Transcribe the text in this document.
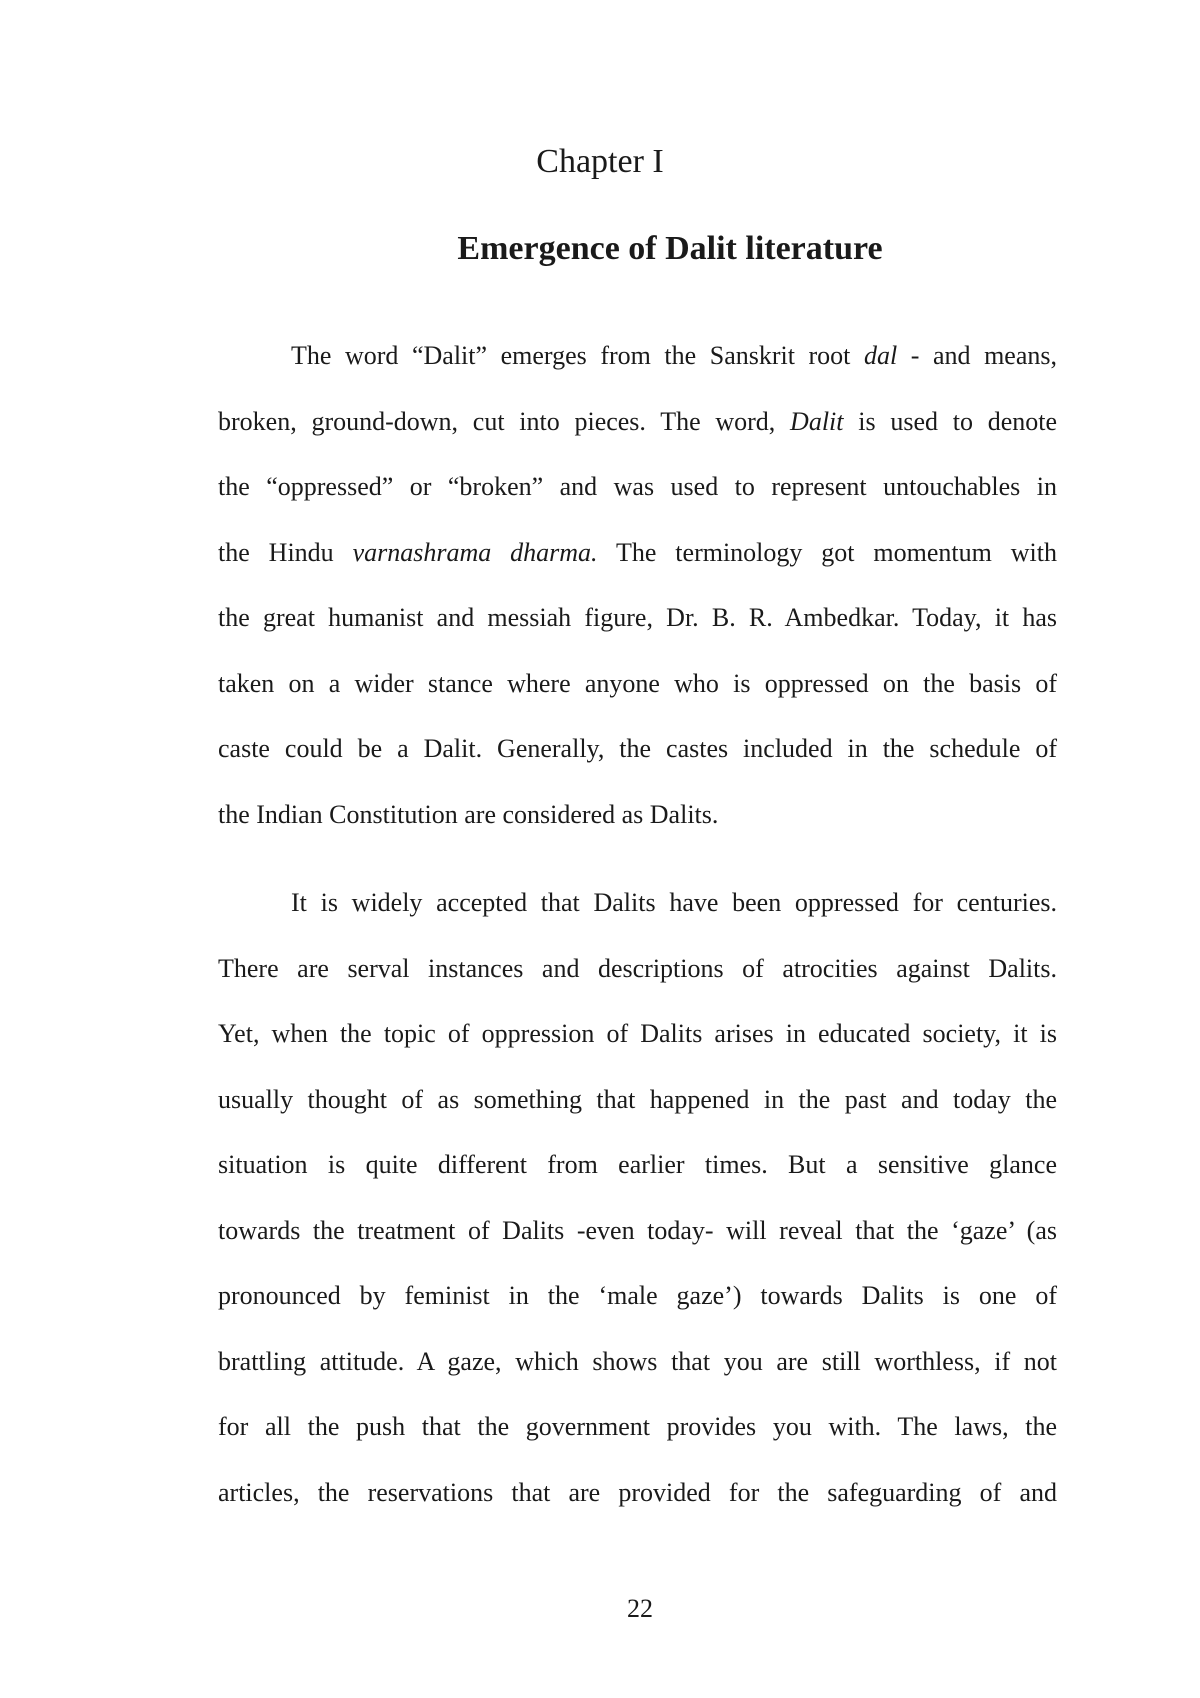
Chapter I
Emergence of Dalit literature
The word “Dalit” emerges from the Sanskrit root dal - and means,
broken, ground-down, cut into pieces. The word, Dalit is used to denote
the “oppressed” or “broken” and was used to represent untouchables in
the Hindu varnashrama dharma. The terminology got momentum with
the great humanist and messiah figure, Dr. B. R. Ambedkar. Today, it has
taken on a wider stance where anyone who is oppressed on the basis of
caste could be a Dalit. Generally, the castes included in the schedule of
the Indian Constitution are considered as Dalits.
It is widely accepted that Dalits have been oppressed for centuries.
There are serval instances and descriptions of atrocities against Dalits.
Yet, when the topic of oppression of Dalits arises in educated society, it is
usually thought of as something that happened in the past and today the
situation is quite different from earlier times. But a sensitive glance
towards the treatment of Dalits -even today- will reveal that the ‘gaze’ (as
pronounced by feminist in the ‘male gaze’) towards Dalits is one of
brattling attitude. A gaze, which shows that you are still worthless, if not
for all the push that the government provides you with. The laws, the
articles, the reservations that are provided for the safeguarding of and
22
